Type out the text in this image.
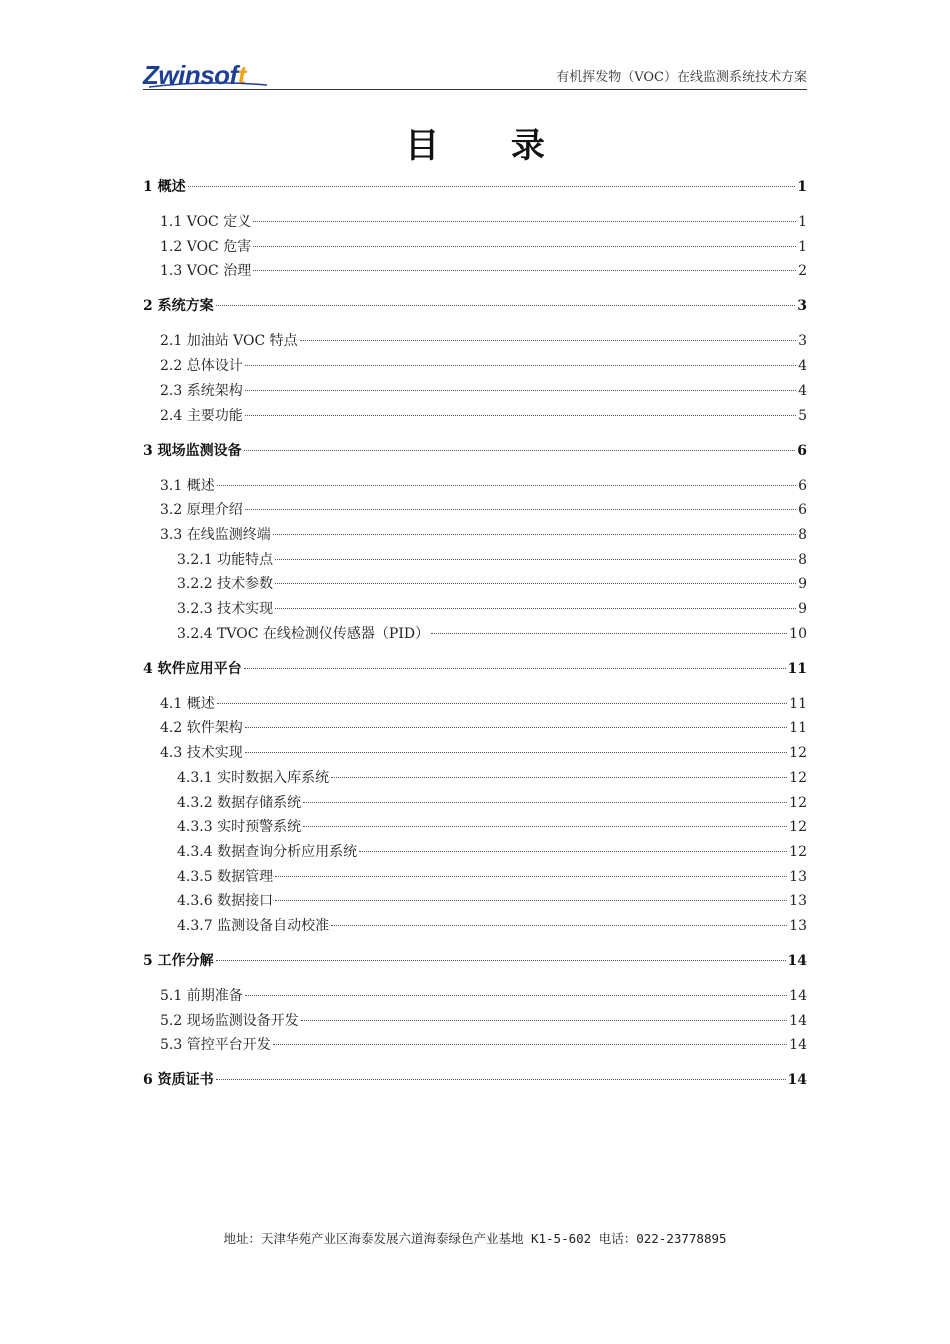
Zwinsoft	有机挥发物（VOC）在线监测系统技术方案
目 录
1 概述	1
1.1 VOC 定义	1
1.2 VOC 危害	1
1.3 VOC 治理	2
2 系统方案	3
2.1 加油站 VOC 特点	3
2.2 总体设计	4
2.3 系统架构	4
2.4 主要功能	5
3 现场监测设备	6
3.1 概述	6
3.2 原理介绍	6
3.3 在线监测终端	8
3.2.1 功能特点	8
3.2.2 技术参数	9
3.2.3 技术实现	9
3.2.4 TVOC 在线检测仪传感器（PID）	10
4 软件应用平台	11
4.1 概述	11
4.2 软件架构	11
4.3 技术实现	12
4.3.1 实时数据入库系统	12
4.3.2 数据存储系统	12
4.3.3 实时预警系统	12
4.3.4 数据查询分析应用系统	12
4.3.5 数据管理	13
4.3.6 数据接口	13
4.3.7 监测设备自动校准	13
5 工作分解	14
5.1 前期准备	14
5.2 现场监测设备开发	14
5.3 管控平台开发	14
6 资质证书	14
地址：天津华苑产业区海泰发展六道海泰绿色产业基地 K1-5-602 电话：022-23778895
